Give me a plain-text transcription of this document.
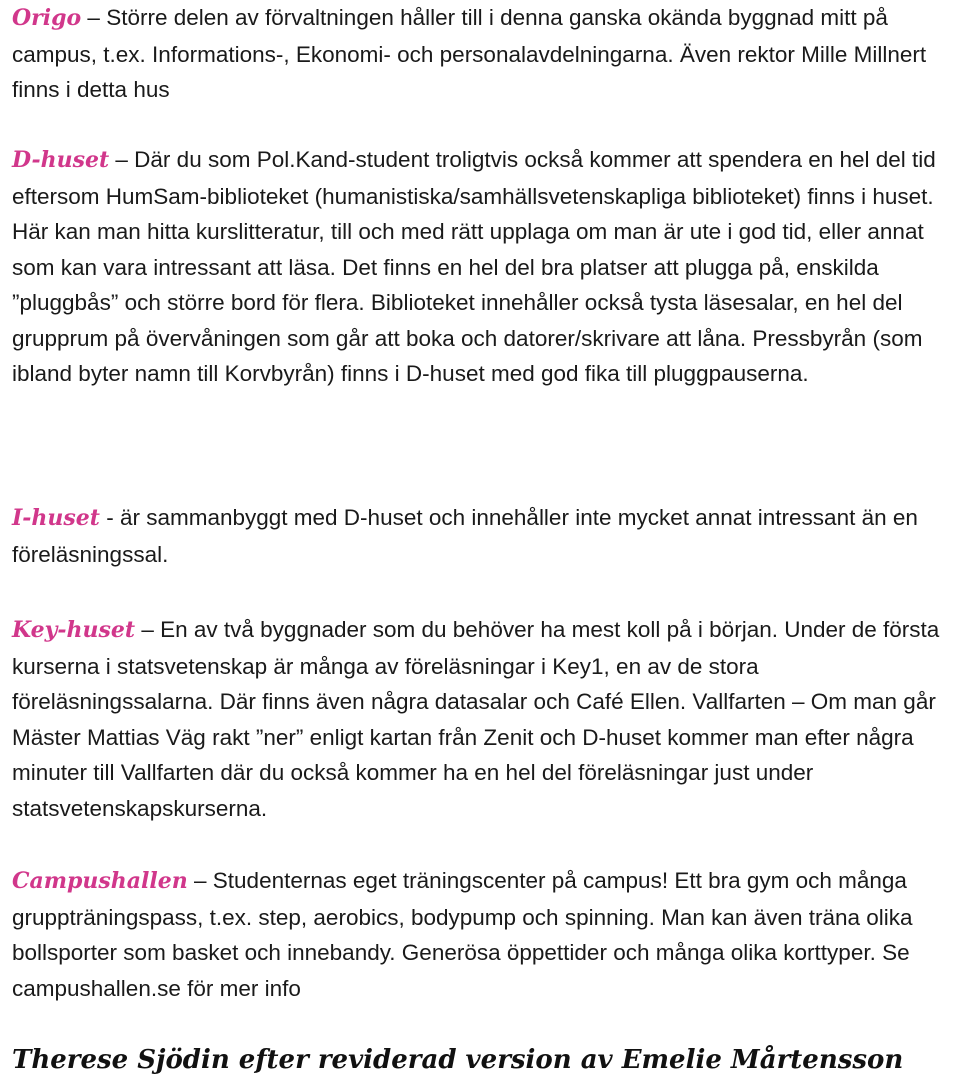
Origo – Större delen av förvaltningen håller till i denna ganska okända byggnad mitt på campus, t.ex. Informations-, Ekonomi- och personalavdelningarna. Även rektor Mille Millnert finns i detta hus

D-huset – Där du som Pol.Kand-student troligtvis också kommer att spendera en hel del tid eftersom HumSam-biblioteket (humanistiska/samhällsvetenskapliga biblioteket) finns i huset. Här kan man hitta kurslitteratur, till och med rätt upplaga om man är ute i god tid, eller annat som kan vara intressant att läsa. Det finns en hel del bra platser att plugga på, enskilda ”pluggbås” och större bord för flera. Biblioteket innehåller också tysta läsesalar, en hel del grupprum på övervåningen som går att boka och datorer/skrivare att låna. Pressbyrån (som ibland byter namn till Korvbyrån) finns i D-huset med god fika till pluggpauserna.

I-huset - är sammanbyggt med D-huset och innehåller inte mycket annat intressant än en föreläsningssal.

Key-huset – En av två byggnader som du behöver ha mest koll på i början. Under de första kurserna i statsvetenskap är många av föreläsningar i Key1, en av de stora föreläsningssalarna. Där finns även några datasalar och Café Ellen. Vallfarten – Om man går Mäster Mattias Väg rakt ”ner” enligt kartan från Zenit och D-huset kommer man efter några minuter till Vallfarten där du också kommer ha en hel del föreläsningar just under statsvetenskapskurserna.

Campushallen – Studenternas eget träningscenter på campus! Ett bra gym och många gruppträningspass, t.ex. step, aerobics, bodypump och spinning. Man kan även träna olika bollsporter som basket och innebandy. Generösa öppettider och många olika korttyper. Se campushallen.se för mer info

Therese Sjödin efter reviderad version av Emelie Mårtensson
